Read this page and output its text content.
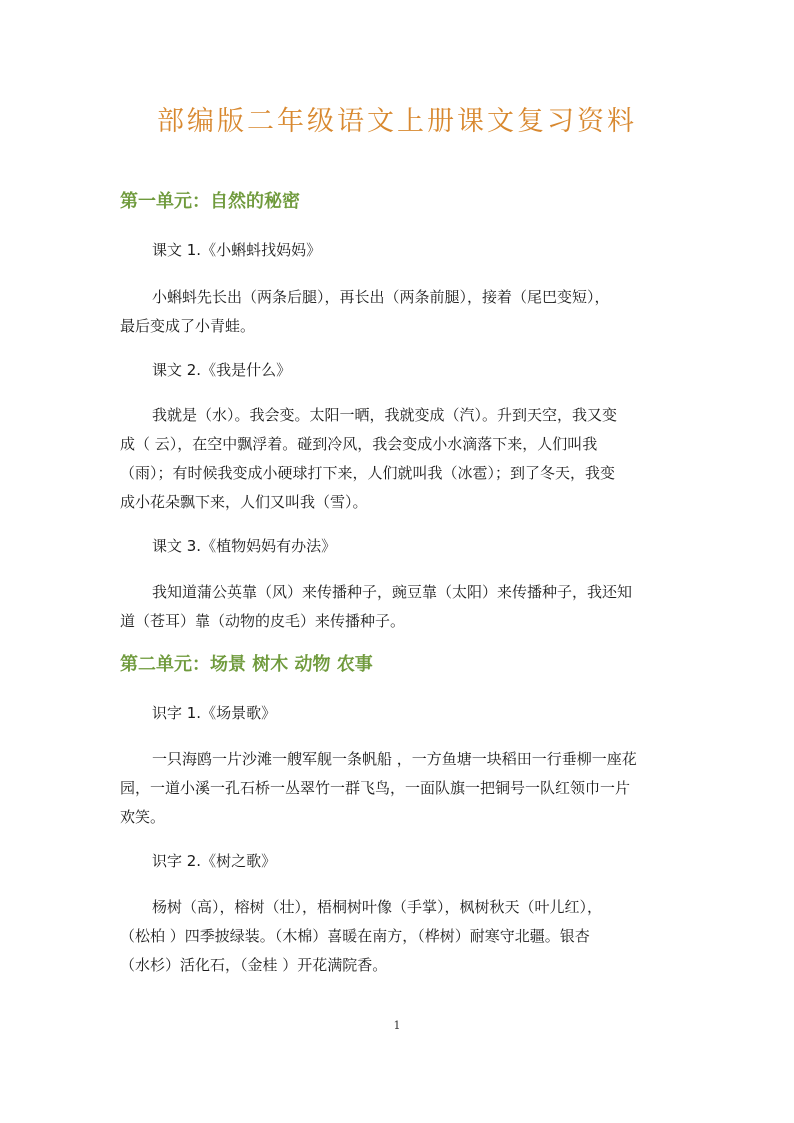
部编版二年级语文上册课文复习资料
第一单元：自然的秘密
课文 1.《小蝌蚪找妈妈》
小蝌蚪先长出（两条后腿），再长出（两条前腿），接着（尾巴变短），
最后变成了小青蛙。
课文 2.《我是什么》
我就是（水）。我会变。太阳一晒，我就变成（汽）。升到天空，我又变
成（ 云），在空中飘浮着。碰到冷风，我会变成小水滴落下来，人们叫我
（雨）；有时候我变成小硬球打下来，人们就叫我（冰雹）；到了冬天，我变
成小花朵飘下来，人们又叫我（雪）。
课文 3.《植物妈妈有办法》
我知道蒲公英靠（风）来传播种子，豌豆靠（太阳）来传播种子，我还知
道（苍耳）靠（动物的皮毛）来传播种子。
第二单元：场景 树木 动物 农事
识字 1.《场景歌》
一只海鸥一片沙滩一艘军舰一条帆船 ，一方鱼塘一块稻田一行垂柳一座花
园，一道小溪一孔石桥一丛翠竹一群飞鸟，一面队旗一把铜号一队红领巾一片
欢笑。
识字 2.《树之歌》
杨树（高），榕树（壮），梧桐树叶像（手掌），枫树秋天（叶儿红），
（松柏 ）四季披绿装。（木棉）喜暖在南方，（桦树）耐寒守北疆。银杏
（水杉）活化石，（金桂 ）开花满院香。
1
